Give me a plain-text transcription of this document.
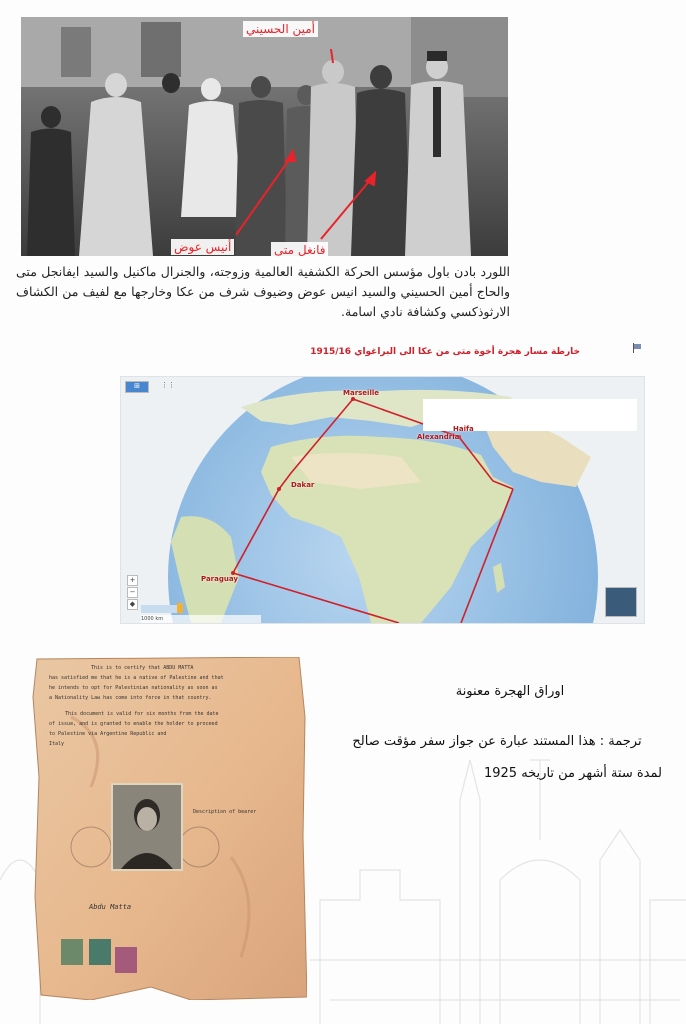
أمين الحسيني
أنيس عوض	فانغل متى
اللورد بادن باول مؤسس الحركة الكشفية العالمية وزوجته، والجنرال ماكنيل والسيد ايفانجل متى والحاج أمين الحسيني والسيد انيس عوض وضيوف شرف من عكا وخارجها مع لفيف من الكشاف الارثوذكسي وكشافة نادي اسامة.
خارطة مسار هجرة أخوة متى من عكا الى البراغواي 1915/16
⊞	⋮⋮
Marseille
Haifa
Alexandria
Dakar
Paraguay
+
−
◆
1000 km
This is to certify that ABDU MATTA
has satisfied me that he is a native of Palestine and that
he intends to opt for Palestinian nationality as soon as
a Nationality Law has come into force in that country.
This document is valid for six months from the date
of issue, and is granted to enable the holder to proceed
to Palestine via Argentine Republic and
Italy
Description of bearer
Abdu Matta
اوراق الهجرة معنونة
ترجمة : هذا المستند عبارة عن جواز سفر مؤقت صالح
لمدة ستة أشهر من تاريخه 1925
